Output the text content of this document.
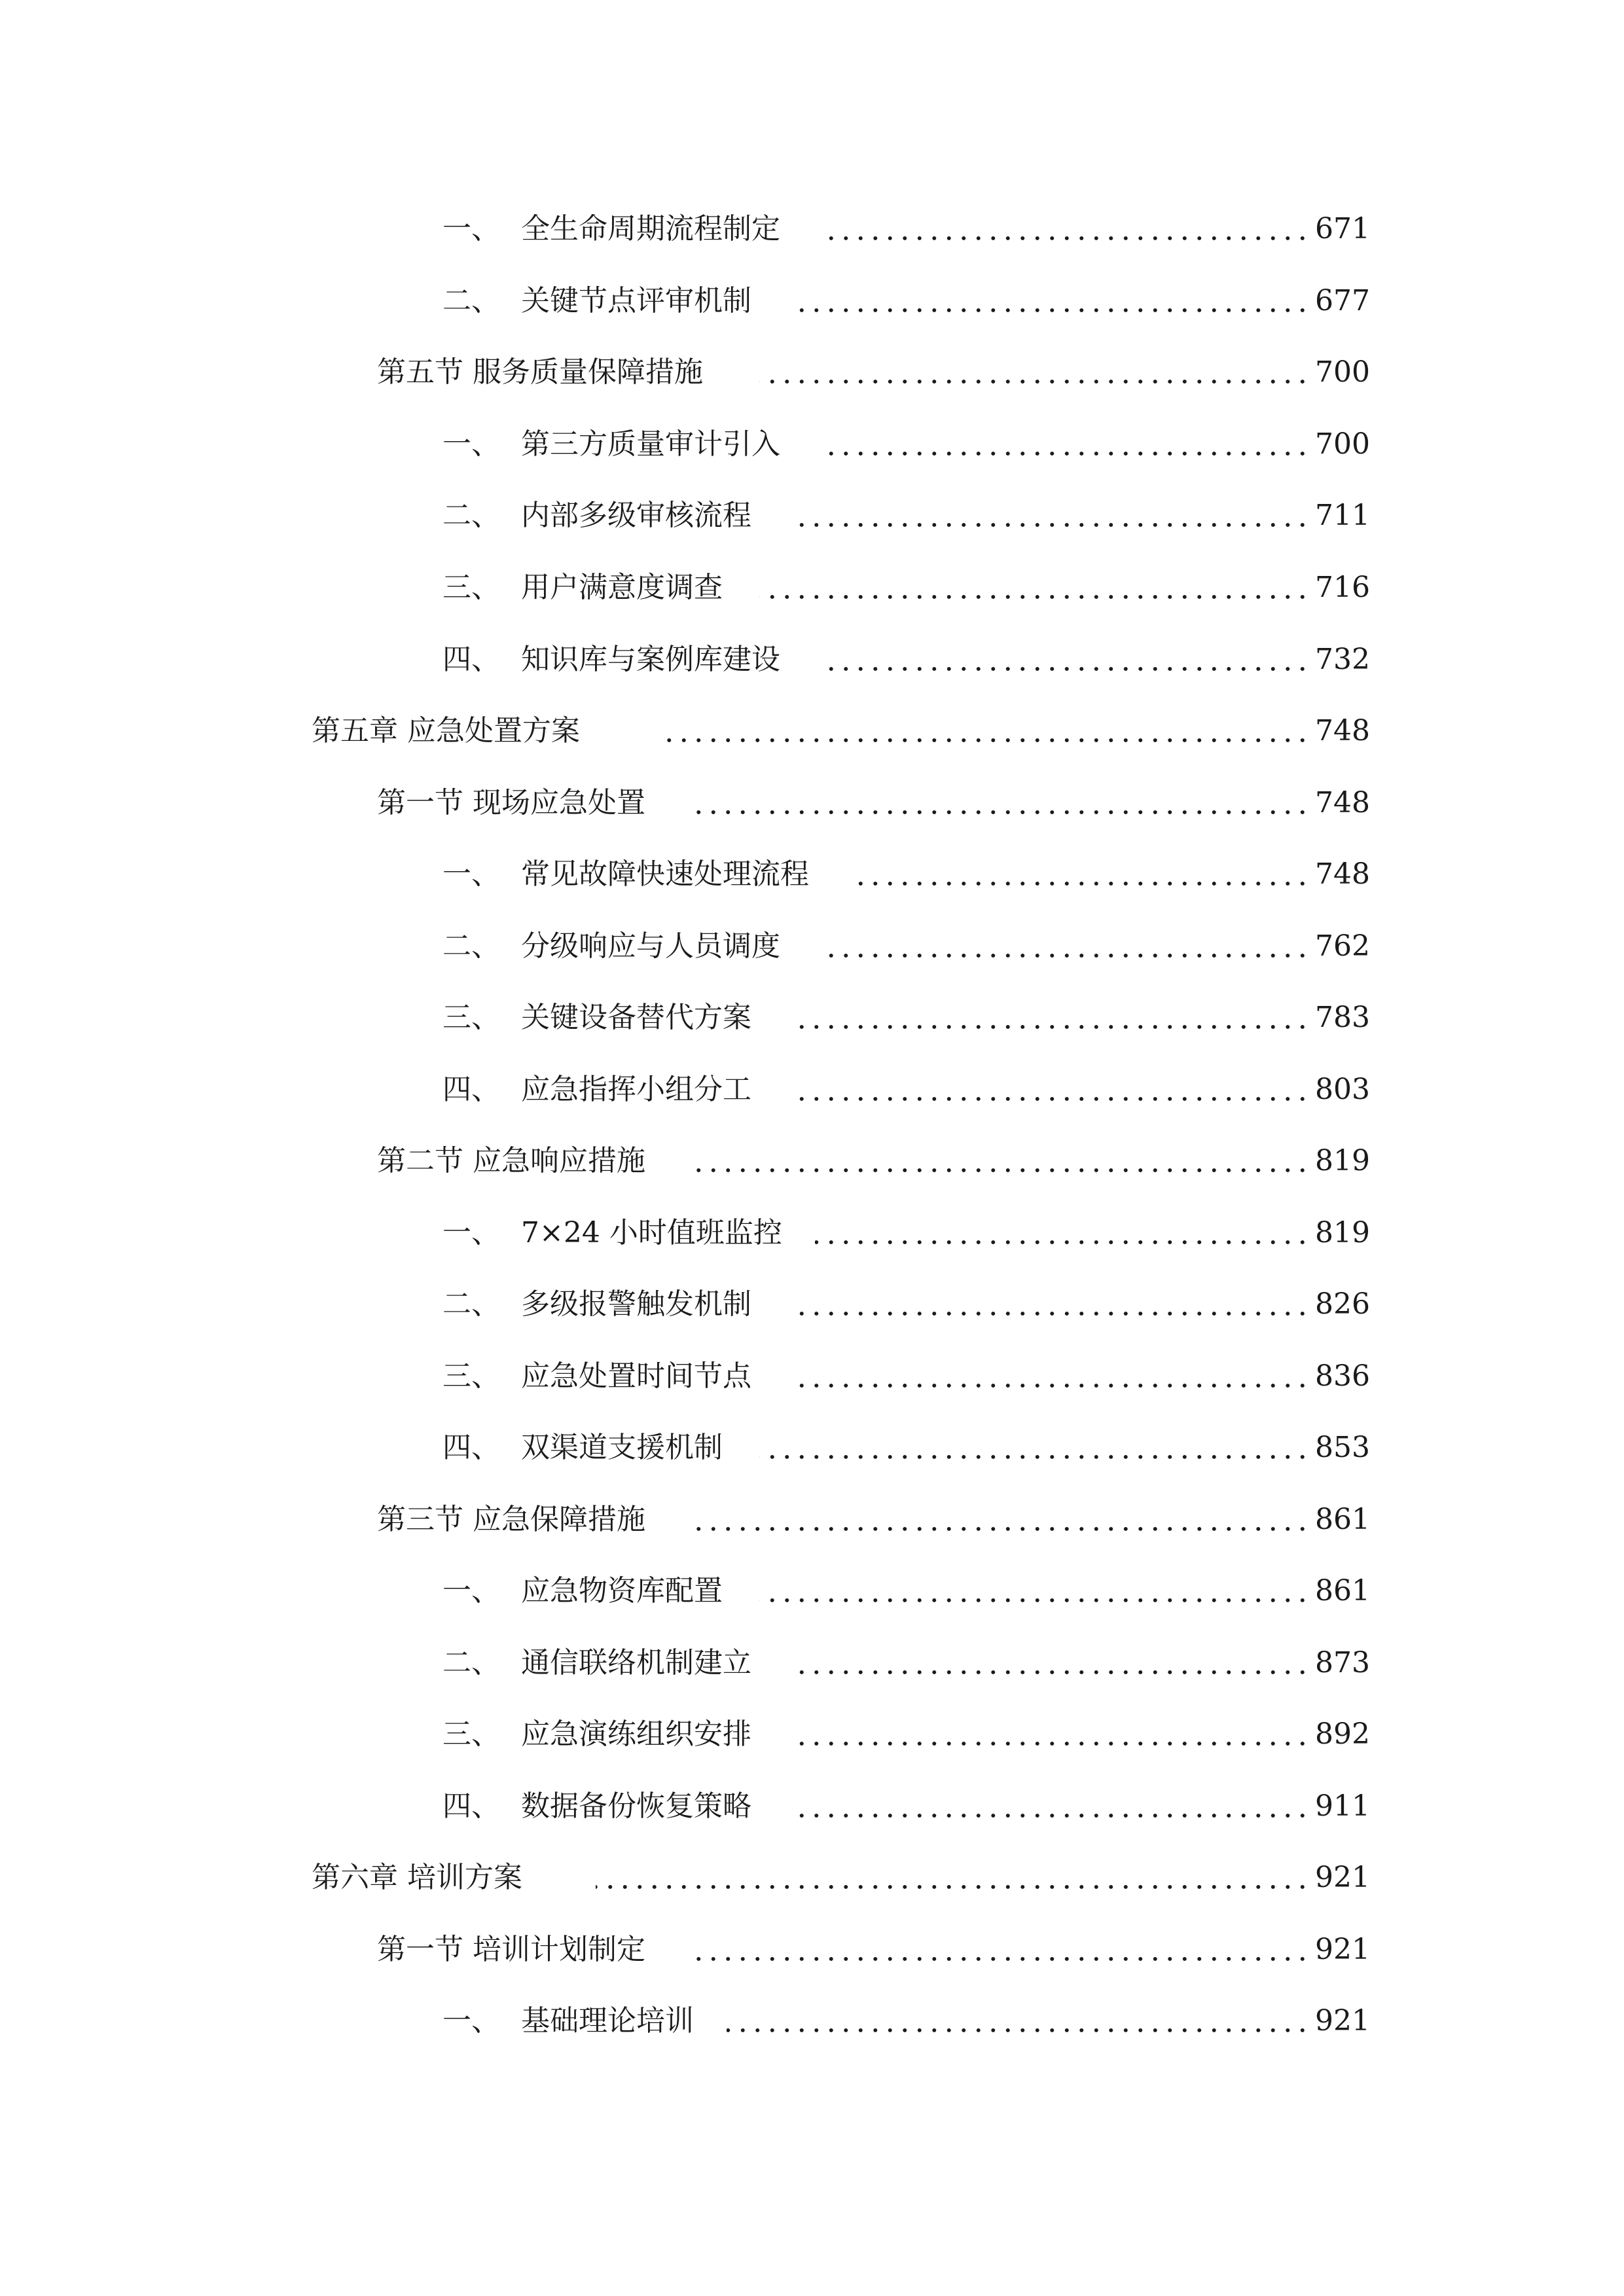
一、 全生命周期流程制定	671
二、 关键节点评审机制	677
第五节 服务质量保障措施	700
一、 第三方质量审计引入	700
二、 内部多级审核流程	711
三、 用户满意度调查	716
四、 知识库与案例库建设	732
第五章 应急处置方案	748
第一节 现场应急处置	748
一、 常见故障快速处理流程	748
二、 分级响应与人员调度	762
三、 关键设备替代方案	783
四、 应急指挥小组分工	803
第二节 应急响应措施	819
一、 7×24 小时值班监控	819
二、 多级报警触发机制	826
三、 应急处置时间节点	836
四、 双渠道支援机制	853
第三节 应急保障措施	861
一、 应急物资库配置	861
二、 通信联络机制建立	873
三、 应急演练组织安排	892
四、 数据备份恢复策略	911
第六章 培训方案	921
第一节 培训计划制定	921
一、 基础理论培训	921
